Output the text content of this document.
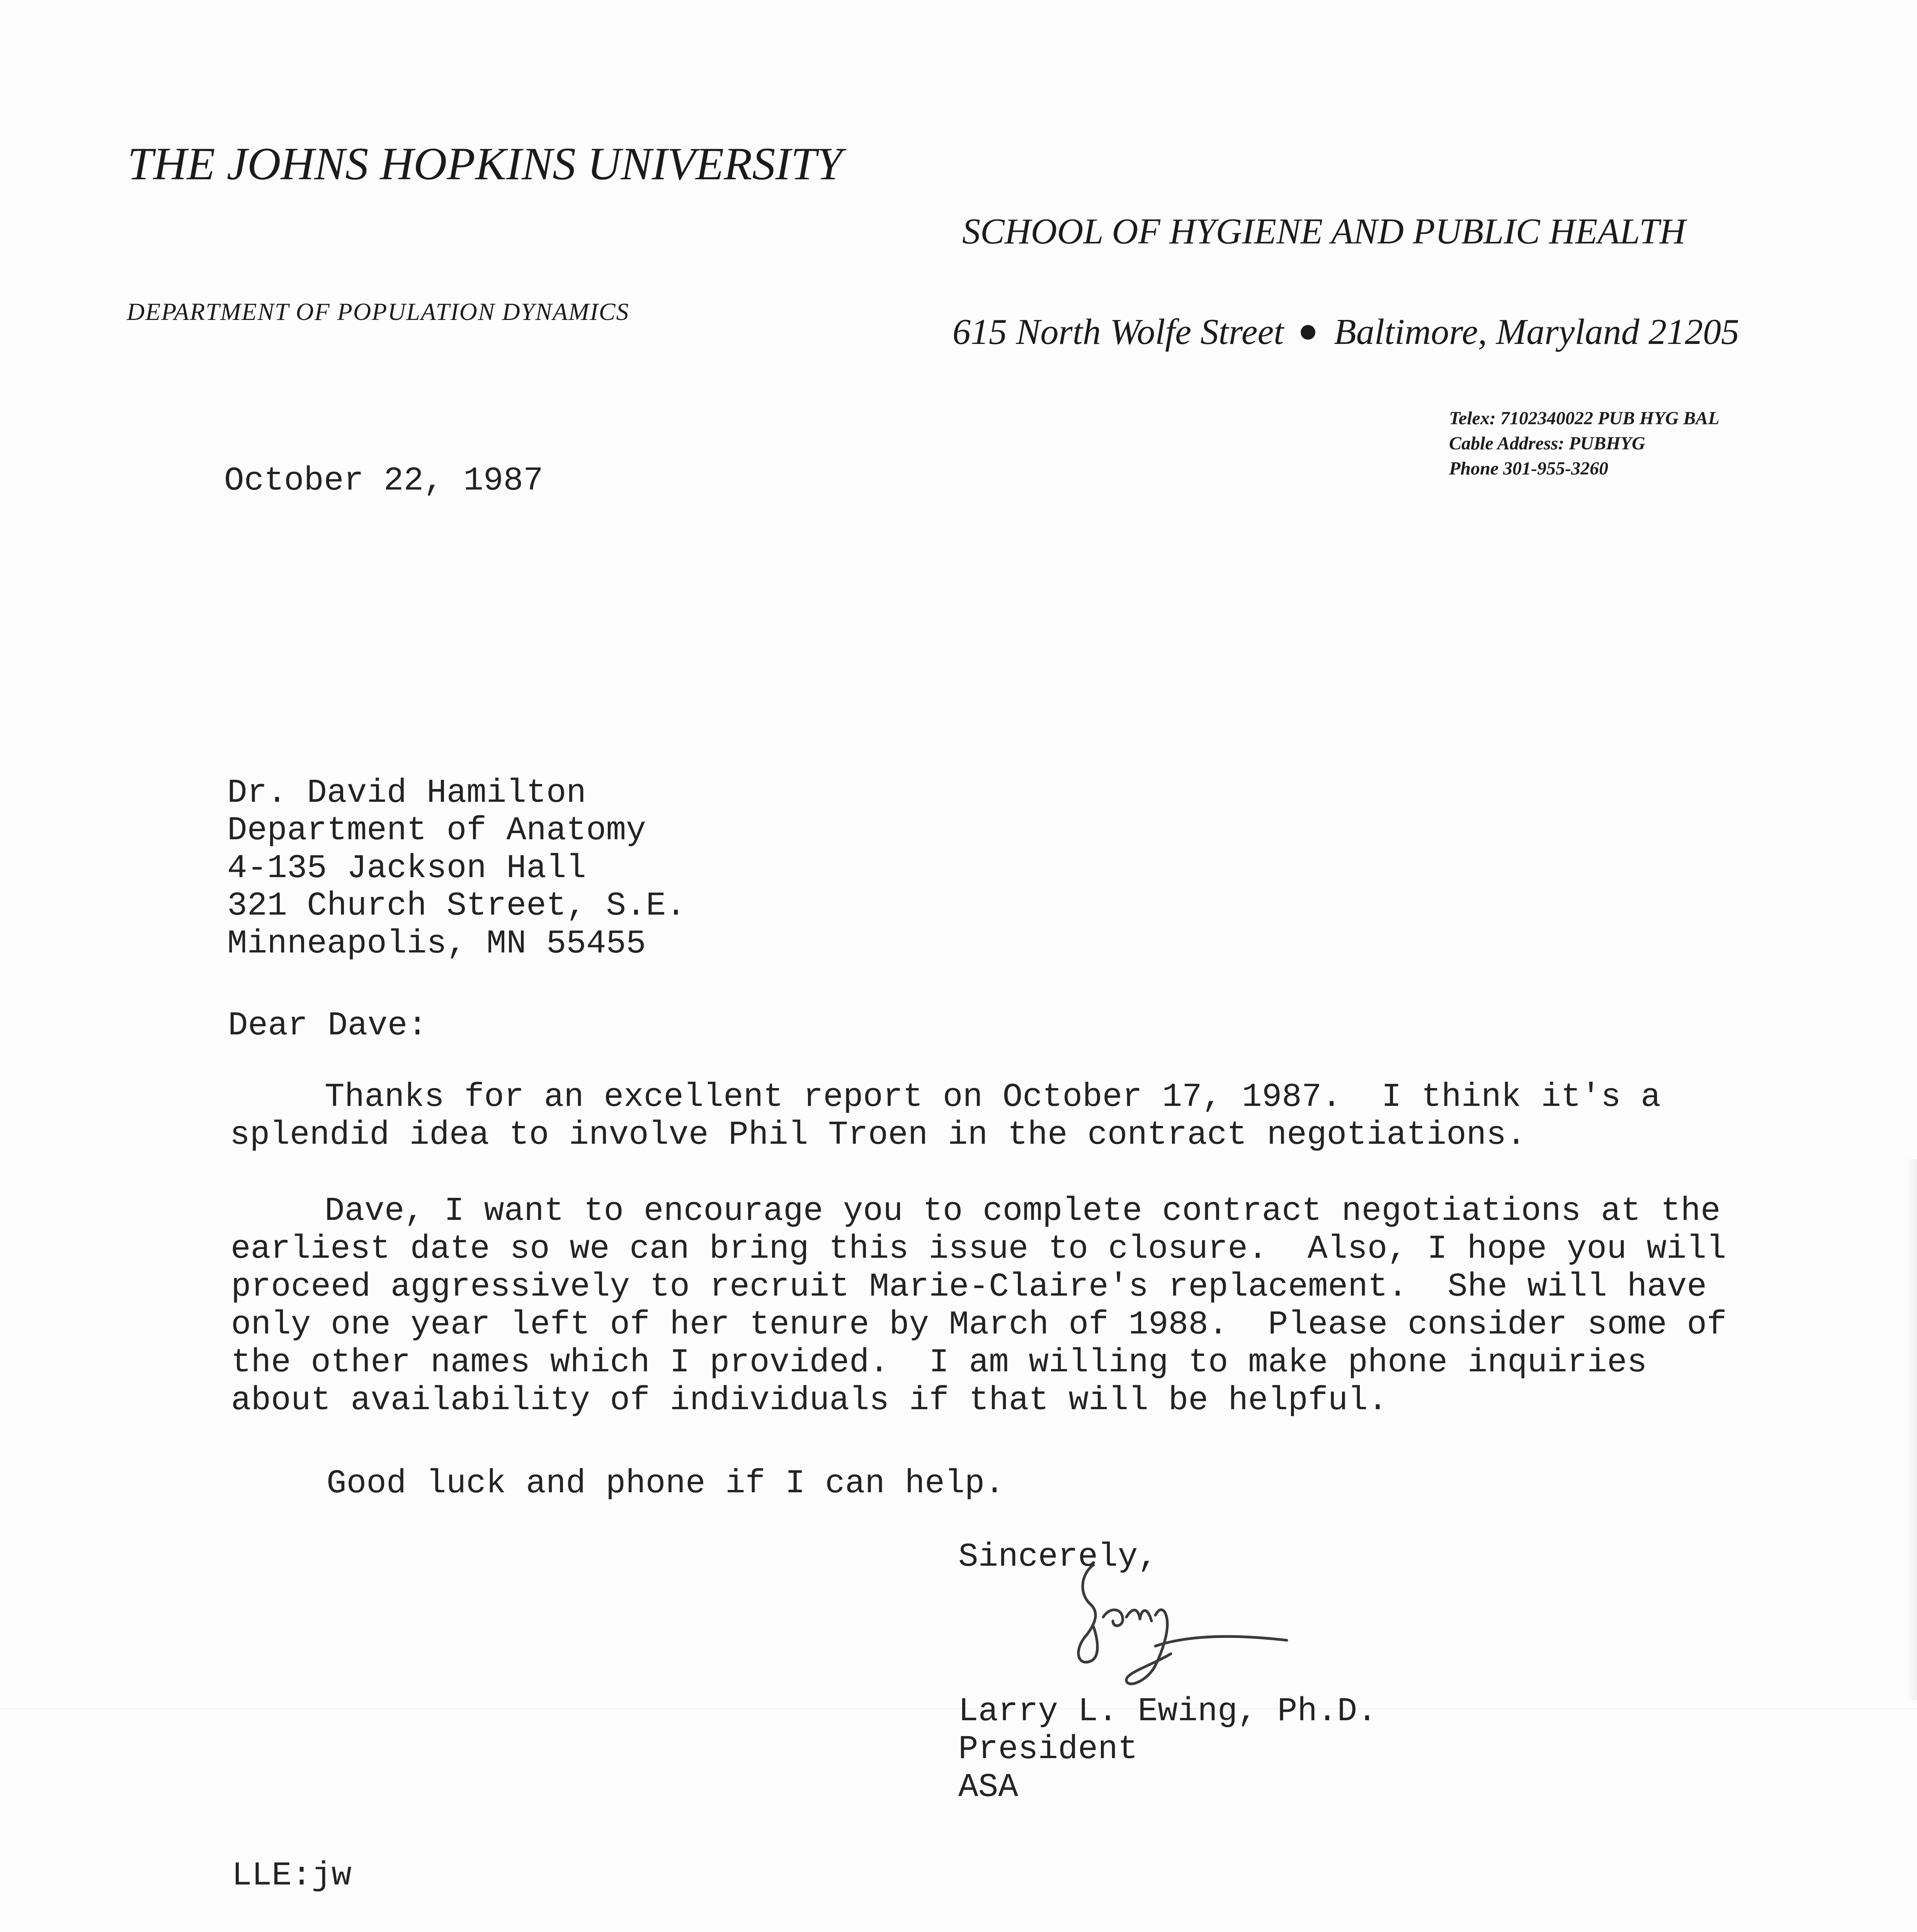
THE JOHNS HOPKINS UNIVERSITY
SCHOOL OF HYGIENE AND PUBLIC HEALTH
DEPARTMENT OF POPULATION DYNAMICS
615 North Wolfe Street Baltimore, Maryland 21205
Telex: 7102340022 PUB HYG BAL
Cable Address: PUBHYG
Phone 301-955-3260
October 22, 1987
Dr. David Hamilton
Department of Anatomy
4-135 Jackson Hall
321 Church Street, S.E.
Minneapolis, MN 55455
Dear Dave:
Thanks for an excellent report on October 17, 1987.  I think it's a
splendid idea to involve Phil Troen in the contract negotiations.
Dave, I want to encourage you to complete contract negotiations at the
earliest date so we can bring this issue to closure.  Also, I hope you will
proceed aggressively to recruit Marie-Claire's replacement.  She will have
only one year left of her tenure by March of 1988.  Please consider some of
the other names which I provided.  I am willing to make phone inquiries
about availability of individuals if that will be helpful.
Good luck and phone if I can help.
Sincerely,
Larry L. Ewing, Ph.D.
President
ASA
LLE:jw
